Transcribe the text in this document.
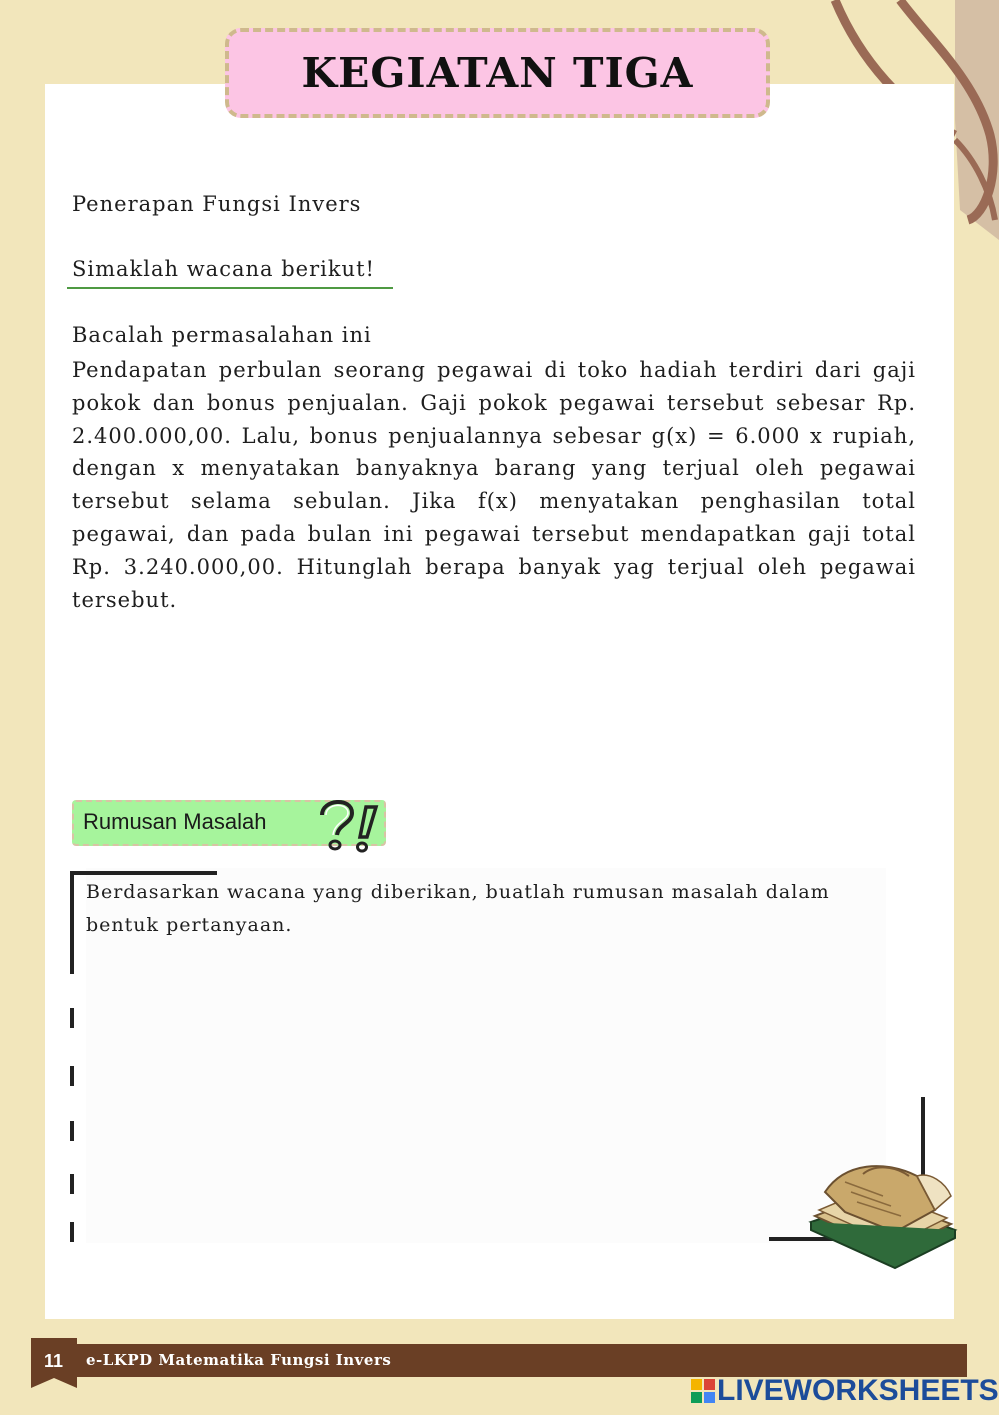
KEGIATAN TIGA
Penerapan Fungsi Invers
Simaklah wacana berikut!
Bacalah permasalahan ini
Pendapatan perbulan seorang pegawai di toko hadiah terdiri dari gaji pokok dan bonus penjualan. Gaji pokok pegawai tersebut sebesar Rp. 2.400.000,00. Lalu, bonus penjualannya sebesar g(x) = 6.000 x rupiah, dengan x menyatakan banyaknya barang yang terjual oleh pegawai tersebut selama sebulan. Jika f(x) menyatakan penghasilan total pegawai, dan pada bulan ini pegawai tersebut mendapatkan gaji total Rp. 3.240.000,00. Hitunglah berapa banyak yag terjual oleh pegawai tersebut.
Rumusan Masalah
Berdasarkan wacana yang diberikan, buatlah rumusan masalah dalam bentuk pertanyaan.
11	e-LKPD Matematika Fungsi Invers
LIVEWORKSHEETS
